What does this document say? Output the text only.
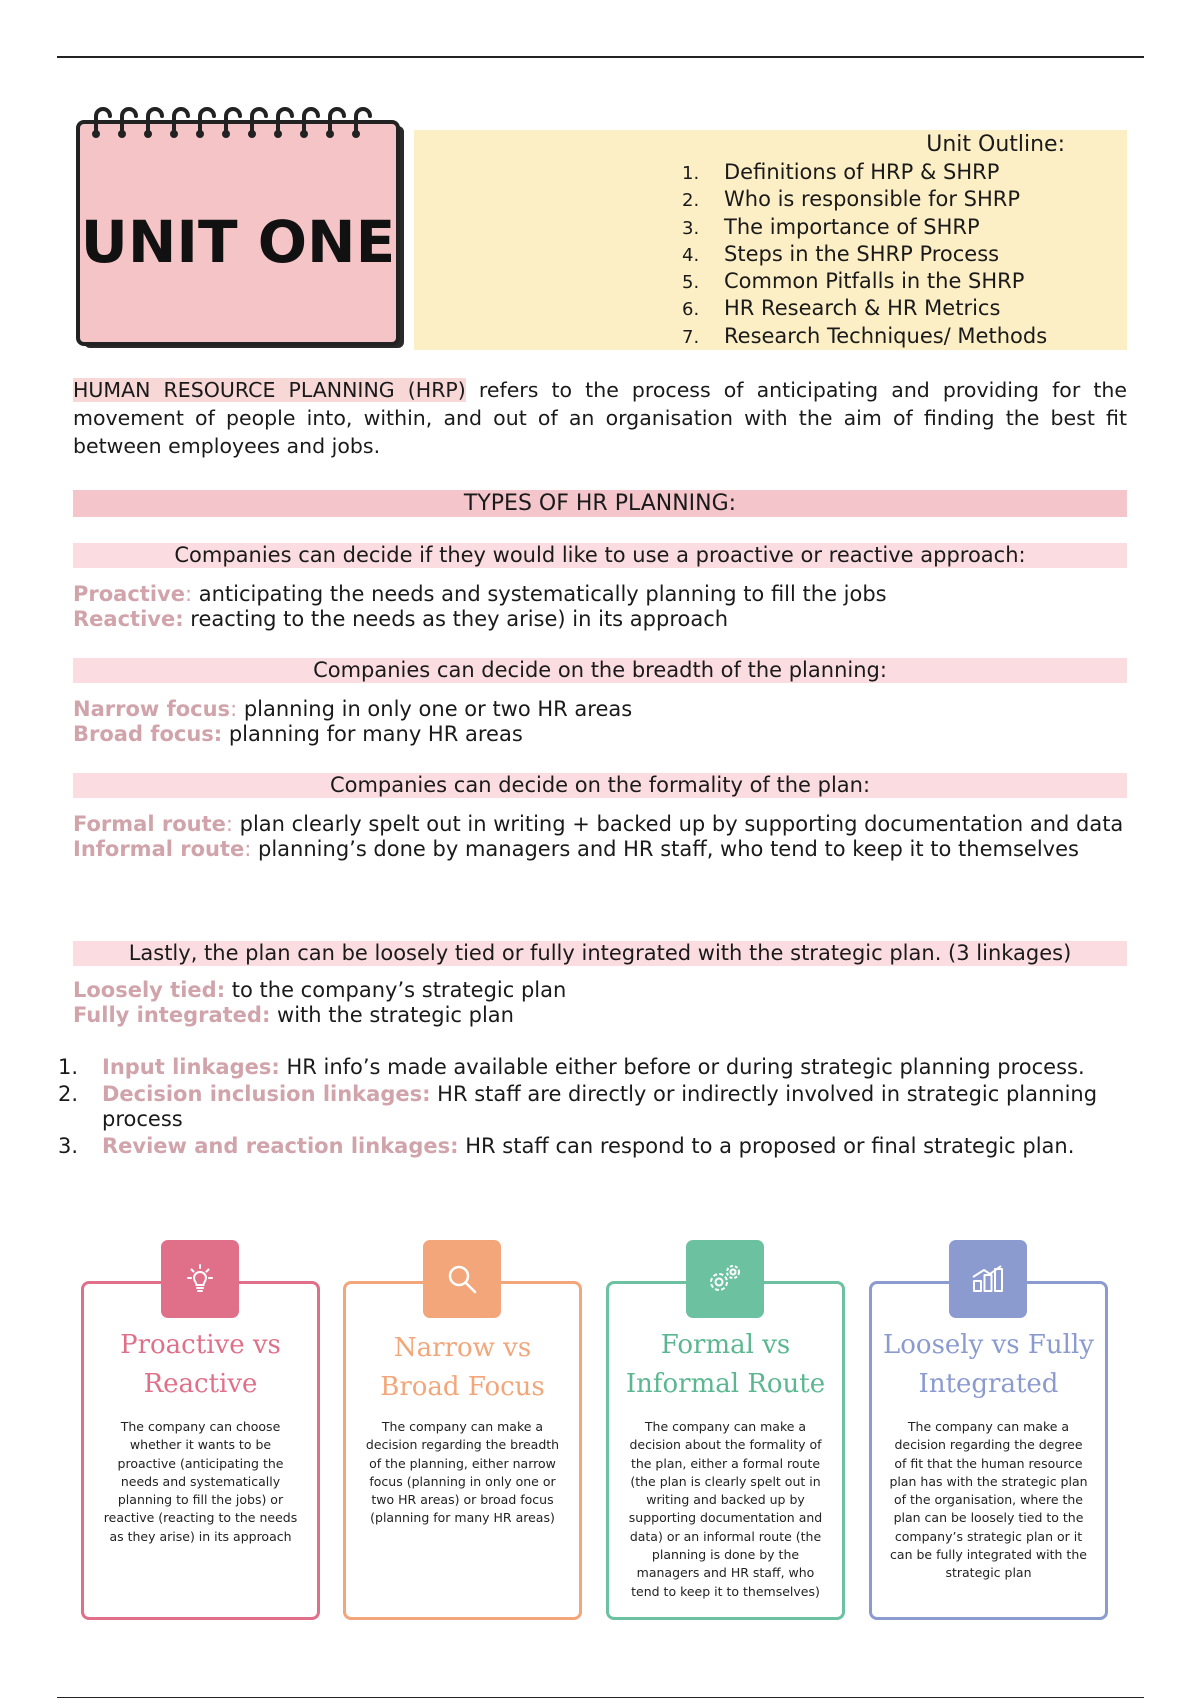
UNIT ONE
Unit Outline:
1. Definitions of HRP & SHRP
2. Who is responsible for SHRP
3. The importance of SHRP
4. Steps in the SHRP Process
5. Common Pitfalls in the SHRP
6. HR Research & HR Metrics
7. Research Techniques/ Methods

HUMAN RESOURCE PLANNING (HRP) refers to the process of anticipating and providing for the movement of people into, within, and out of an organisation with the aim of finding the best fit between employees and jobs.

TYPES OF HR PLANNING:
Companies can decide if they would like to use a proactive or reactive approach:
Proactive: anticipating the needs and systematically planning to fill the jobs
Reactive: reacting to the needs as they arise) in its approach
Companies can decide on the breadth of the planning:
Narrow focus: planning in only one or two HR areas
Broad focus: planning for many HR areas
Companies can decide on the formality of the plan:
Formal route: plan clearly spelt out in writing + backed up by supporting documentation and data
Informal route: planning’s done by managers and HR staff, who tend to keep it to themselves
Lastly, the plan can be loosely tied or fully integrated with the strategic plan. (3 linkages)
Loosely tied: to the company’s strategic plan
Fully integrated: with the strategic plan
1. Input linkages: HR info’s made available either before or during strategic planning process.
2. Decision inclusion linkages: HR staff are directly or indirectly involved in strategic planning process
3. Review and reaction linkages: HR staff can respond to a proposed or final strategic plan.
Proactive vs
Reactive
The company can choose whether it wants to be proactive (anticipating the needs and systematically planning to fill the jobs) or reactive (reacting to the needs as they arise) in its approach
Narrow vs
Broad Focus
The company can make a decision regarding the breadth of the planning, either narrow focus (planning in only one or two HR areas) or broad focus (planning for many HR areas)
Formal vs
Informal Route
The company can make a decision about the formality of the plan, either a formal route (the plan is clearly spelt out in writing and backed up by supporting documentation and data) or an informal route (the planning is done by the managers and HR staff, who tend to keep it to themselves)
Loosely vs Fully
Integrated
The company can make a decision regarding the degree of fit that the human resource plan has with the strategic plan of the organisation, where the plan can be loosely tied to the company’s strategic plan or it can be fully integrated with the strategic plan
